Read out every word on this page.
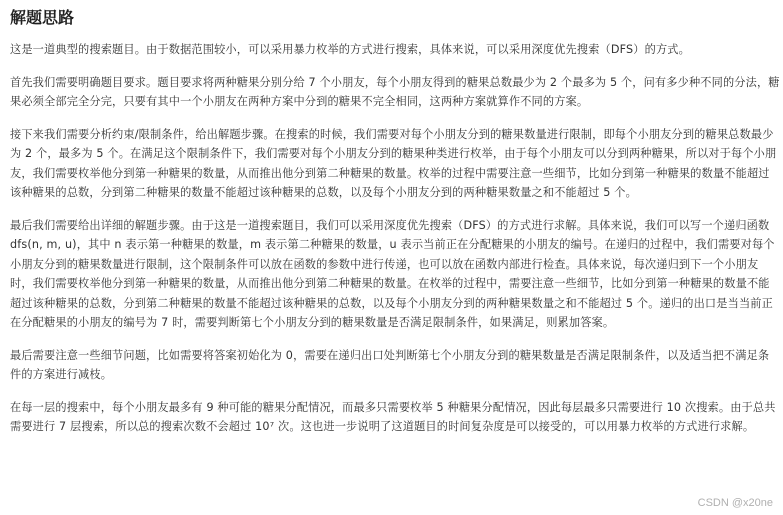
解题思路

这是一道典型的搜索题目。由于数据范围较小，可以采用暴力枚举的方式进行搜索，具体来说，可以采用深度优先搜索（DFS）的方式。

首先我们需要明确题目要求。题目要求将两种糖果分别分给 7 个小朋友，每个小朋友得到的糖果总数最少为 2 个最多为 5 个，问有多少种不同的分法，糖果必须全部完全分完，只要有其中一个小朋友在两种方案中分到的糖果不完全相同，这两种方案就算作不同的方案。

接下来我们需要分析约束/限制条件，给出解题步骤。在搜索的时候，我们需要对每个小朋友分到的糖果数量进行限制，即每个小朋友分到的糖果总数最少为 2 个，最多为 5 个。在满足这个限制条件下，我们需要对每个小朋友分到的糖果种类进行枚举，由于每个小朋友可以分到两种糖果，所以对于每个小朋友，我们需要枚举他分到第一种糖果的数量，从而推出他分到第二种糖果的数量。枚举的过程中需要注意一些细节，比如分到第一种糖果的数量不能超过该种糖果的总数，分到第二种糖果的数量不能超过该种糖果的总数，以及每个小朋友分到的两种糖果数量之和不能超过 5 个。

最后我们需要给出详细的解题步骤。由于这是一道搜索题目，我们可以采用深度优先搜索（DFS）的方式进行求解。具体来说，我们可以写一个递归函数 dfs(n, m, u)，其中 n 表示第一种糖果的数量，m 表示第二种糖果的数量，u 表示当前正在分配糖果的小朋友的编号。在递归的过程中，我们需要对每个小朋友分到的糖果数量进行限制，这个限制条件可以放在函数的参数中进行传递，也可以放在函数内部进行检查。具体来说，每次递归到下一个小朋友时，我们需要枚举他分到第一种糖果的数量，从而推出他分到第二种糖果的数量。在枚举的过程中，需要注意一些细节，比如分到第一种糖果的数量不能超过该种糖果的总数，分到第二种糖果的数量不能超过该种糖果的总数，以及每个小朋友分到的两种糖果数量之和不能超过 5 个。递归的出口是当当前正在分配糖果的小朋友的编号为 7 时，需要判断第七个小朋友分到的糖果数量是否满足限制条件，如果满足，则累加答案。

最后需要注意一些细节问题，比如需要将答案初始化为 0，需要在递归出口处判断第七个小朋友分到的糖果数量是否满足限制条件，以及适当把不满足条件的方案进行减枝。

在每一层的搜索中，每个小朋友最多有 9 种可能的糖果分配情况，而最多只需要枚举 5 种糖果分配情况，因此每层最多只需要进行 10 次搜索。由于总共需要进行 7 层搜索，所以总的搜索次数不会超过 10⁷ 次。这也进一步说明了这道题目的时间复杂度是可以接受的，可以用暴力枚举的方式进行求解。

CSDN @x20ne
